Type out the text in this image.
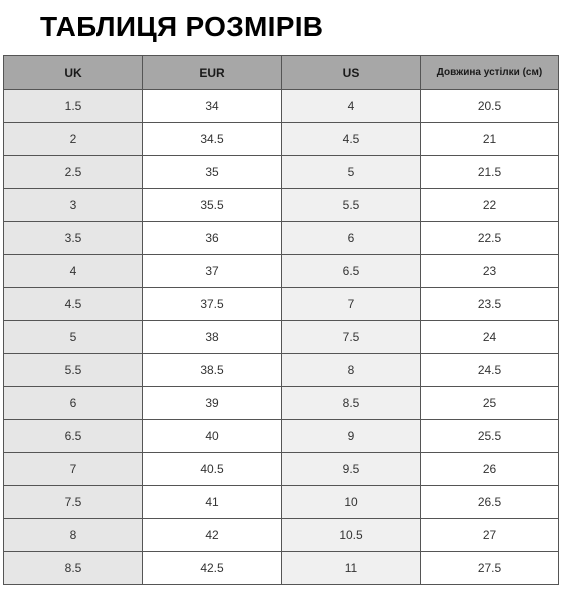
ТАБЛИЦЯ РОЗМІРІВ
UK	EUR	US	Довжина устілки (см)
1.5	34	4	20.5
2	34.5	4.5	21
2.5	35	5	21.5
3	35.5	5.5	22
3.5	36	6	22.5
4	37	6.5	23
4.5	37.5	7	23.5
5	38	7.5	24
5.5	38.5	8	24.5
6	39	8.5	25
6.5	40	9	25.5
7	40.5	9.5	26
7.5	41	10	26.5
8	42	10.5	27
8.5	42.5	11	27.5
